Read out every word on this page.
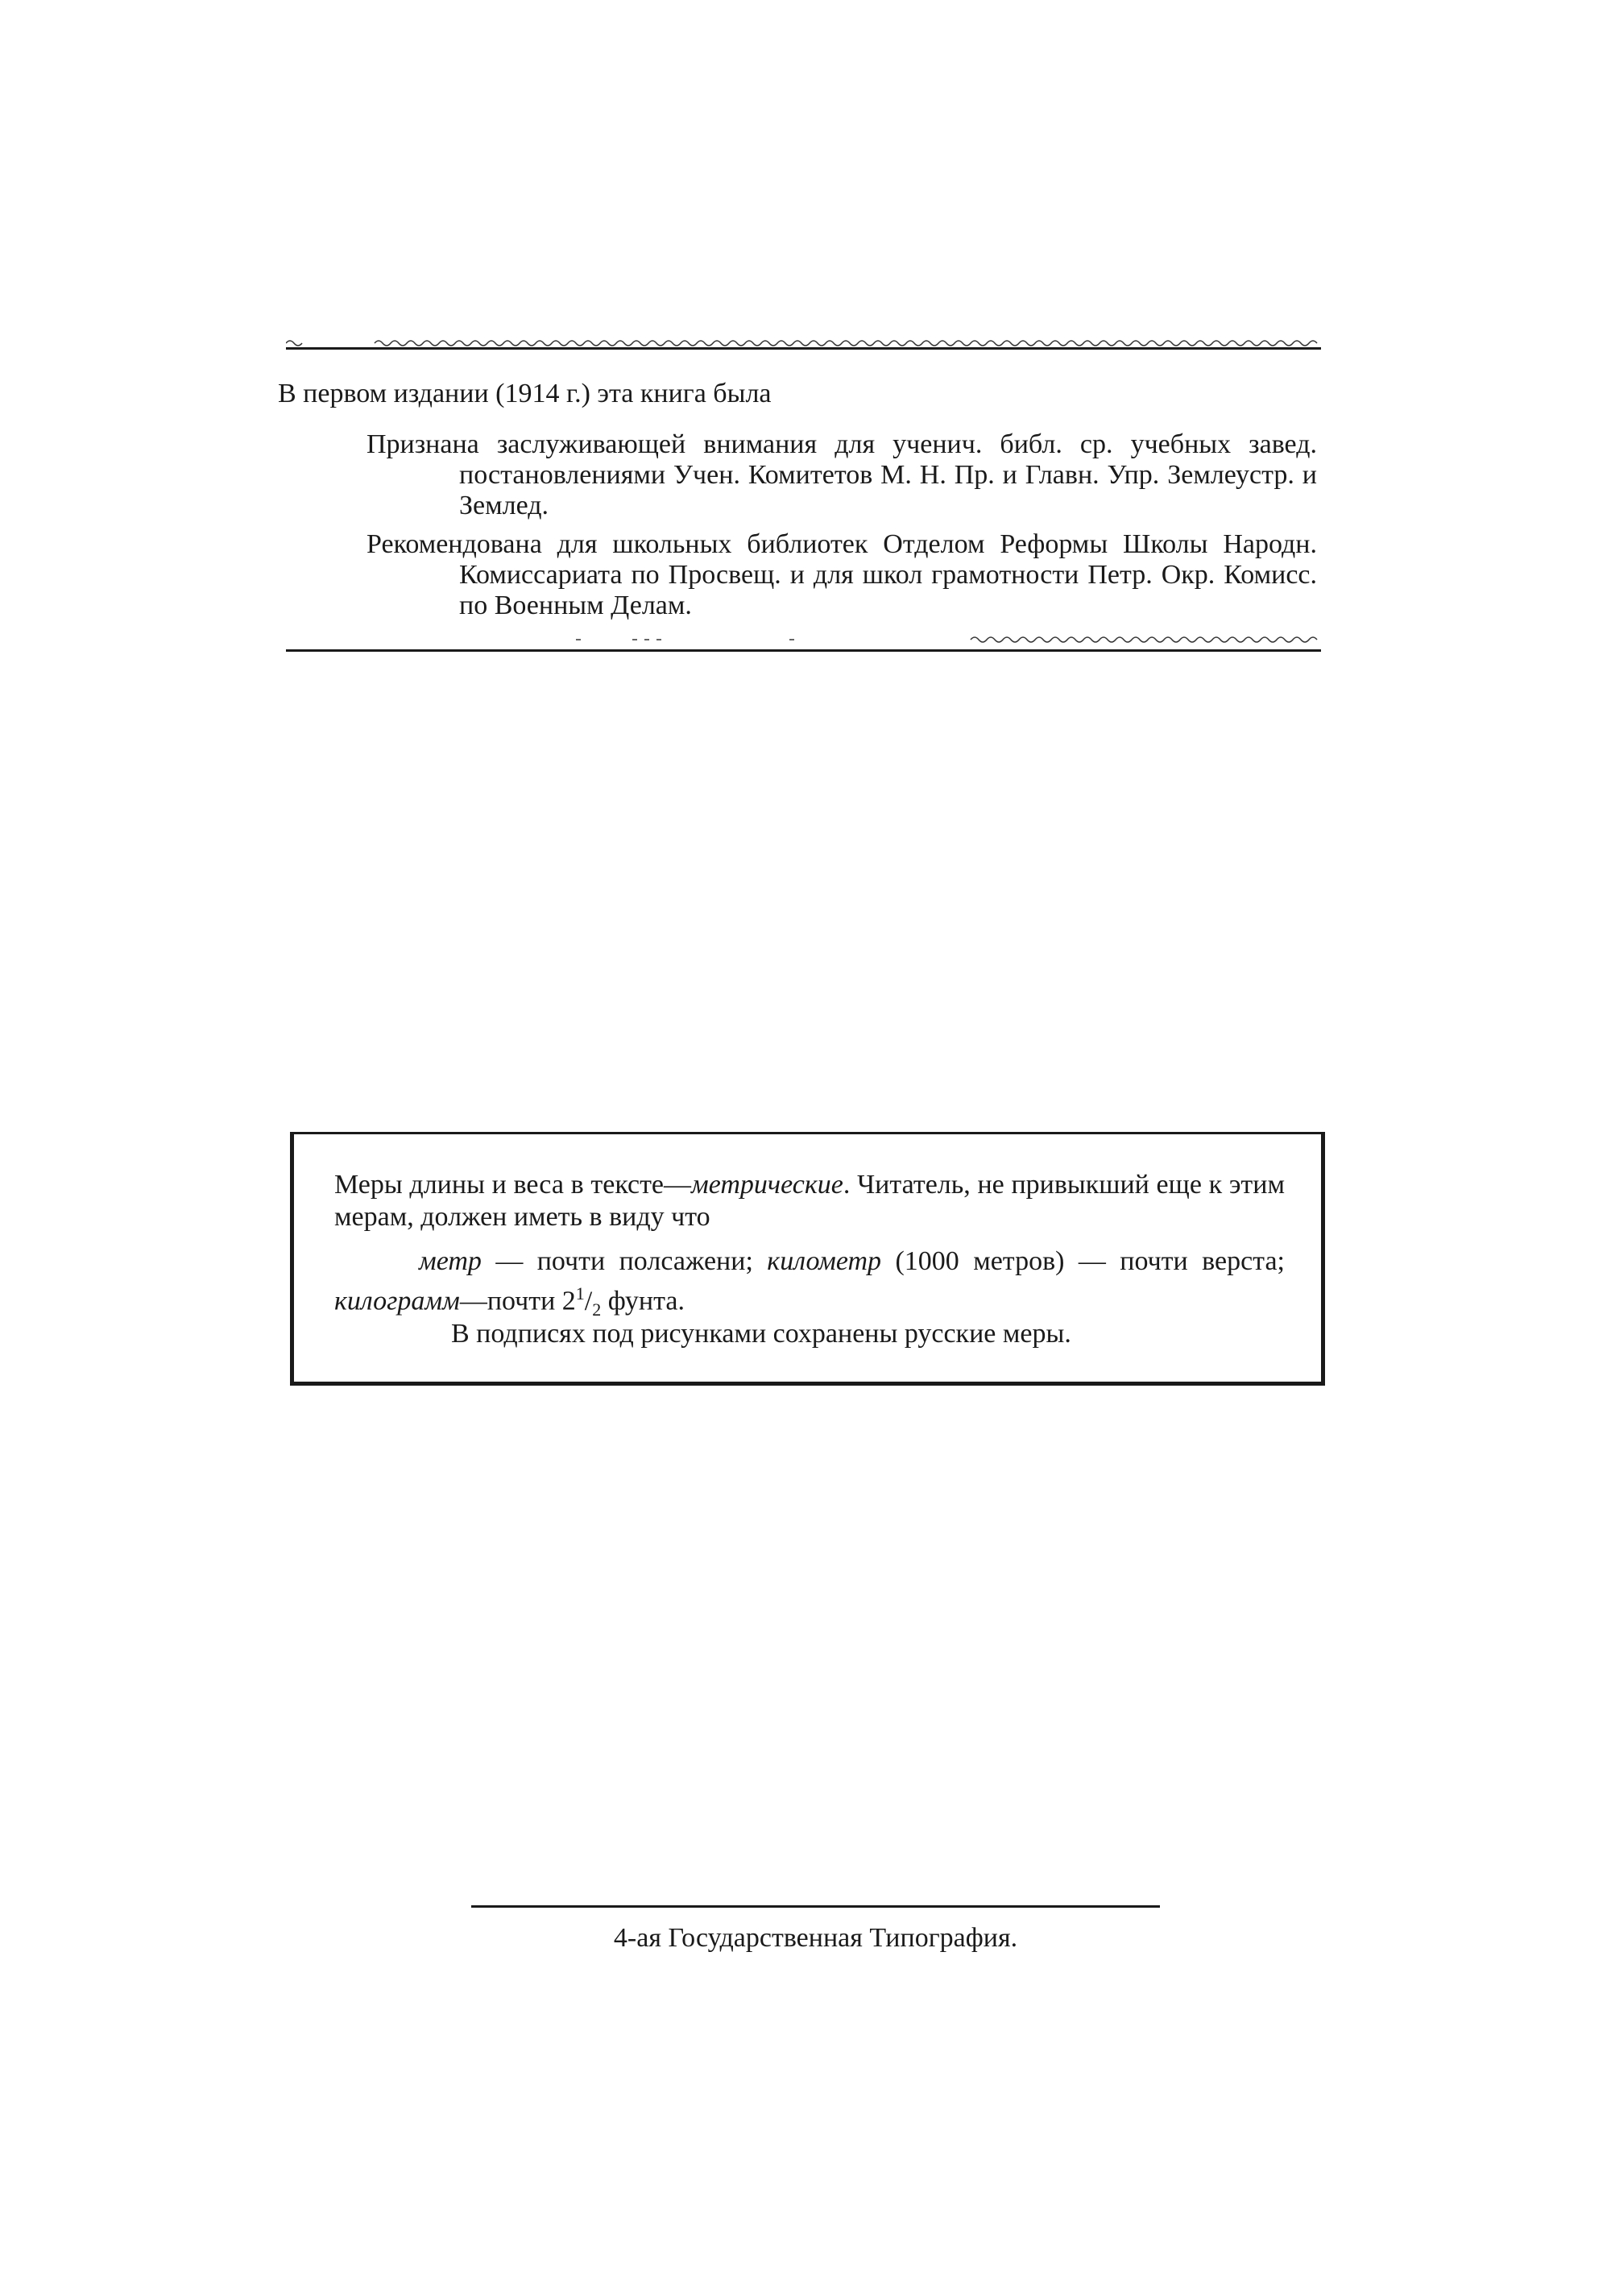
В первом издании (1914 г.) эта книга была
Признана заслуживающей внимания для ученич. библ. ср. учебных завед. постановлениями Учен. Комитетов М. Н. Пр. и Главн. Упр. Землеустр. и Землед.
Рекомендована для школьных библиотек Отделом Реформы Школы Народн. Комиссариата по Просвещ. и для школ грамотности Петр. Окр. Комисс. по Военным Делам.
Меры длины и веса в тексте—метрические. Читатель, не привыкший еще к этим мерам, должен иметь в виду что
метр — почти полсажени; километр (1000 метров) — почти верста; килограмм—почти $2^1/_2$ фунта.
В подписях под рисунками сохранены русские меры.
4-ая Государственная Типография.
